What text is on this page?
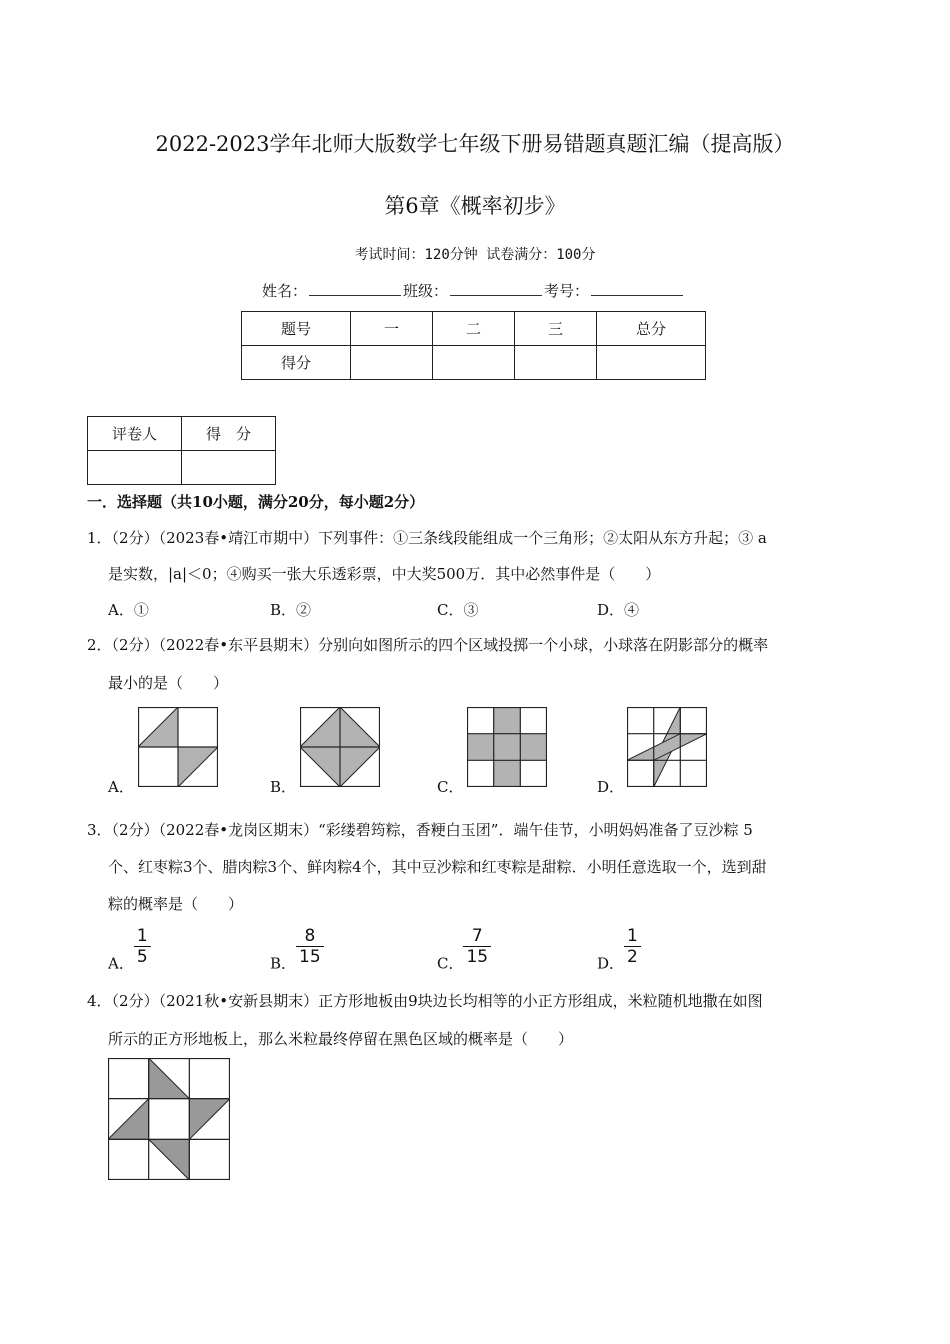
2022-2023学年北师大版数学七年级下册易错题真题汇编（提高版）
第6章《概率初步》
考试时间：120分钟 试卷满分：100分
姓名：	班级：	考号：
题号	一	二	三	总分
得分				
评卷人	得　分

一．选择题（共10小题，满分20分，每小题2分）
1．（2分）（2023春•靖江市期中）下列事件：①三条线段能组成一个三角形；②太阳从东方升起；③ a
是实数，|a|＜0；④购买一张大乐透彩票，中大奖500万．其中必然事件是（　　）
A．①	B．②	C．③	D．④
2．（2分）（2022春•东平县期末）分别向如图所示的四个区域投掷一个小球，小球落在阴影部分的概率
最小的是（　　）
A．	B．	C．	D．
3．（2分）（2022春•龙岗区期末）“彩缕碧筠粽，香粳白玉团”．端午佳节，小明妈妈准备了豆沙粽 5
个、红枣粽3个、腊肉粽3个、鲜肉粽4个，其中豆沙粽和红枣粽是甜粽．小明任意选取一个，选到甜
粽的概率是（　　）
A． $\frac{1}{5}$	B． $\frac{8}{15}$	C． $\frac{7}{15}$	D． $\frac{1}{2}$
4．（2分）（2021秋•安新县期末）正方形地板由9块边长均相等的小正方形组成，米粒随机地撒在如图
所示的正方形地板上，那么米粒最终停留在黑色区域的概率是（　　）
